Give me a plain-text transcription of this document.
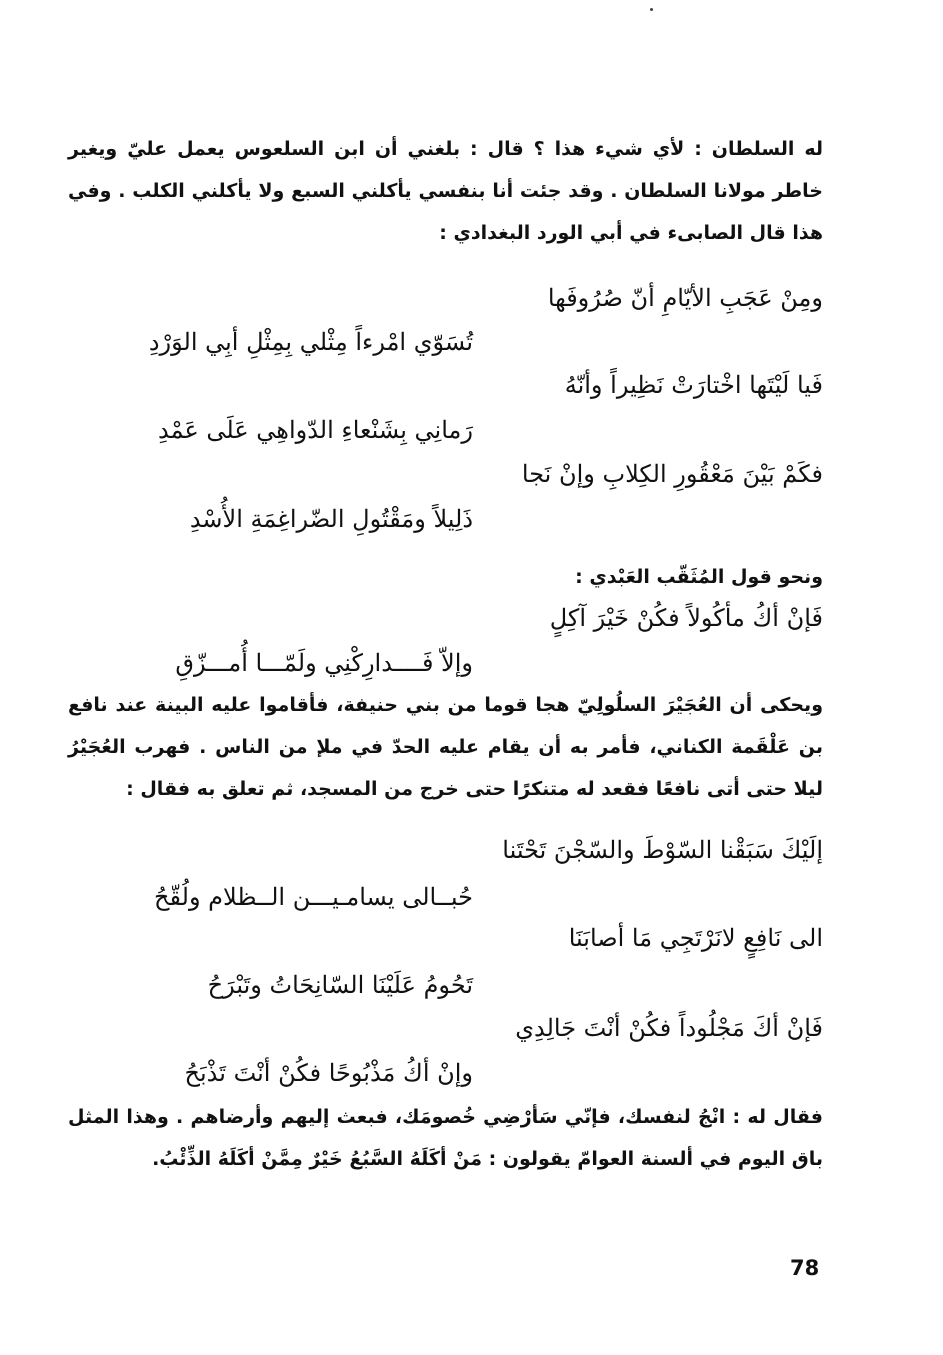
له السلطان : لأي شيء هذا ؟ قال : بلغني أن ابن السلعوس يعمل عليّ ويغير خاطر مولانا السلطان . وقد جئت أنا بنفسي يأكلني السبع ولا يأكلني الكلب . وفي هذا قال الصابىء في أبي الورد البغدادي :
ومِنْ عَجَبِ الأيّامِ أنّ صُرُوفَها
تُسَوّي امْرءاً مِثْلي بِمِثْلِ أبِي الوَرْدِ
فَيا لَيْتَها اخْتارَتْ نَظِيراً وأنّهُ
رَمانِي بِشَنْعاءِ الدّواهِي عَلَى عَمْدِ
فكَمْ بَيْنَ مَعْقُورِ الكِلابِ وإنْ نَجا
ذَلِيلاً ومَقْتُولِ الضّراغِمَةِ الأُسْدِ
ونحو قول المُثَقّب العَبْدي :
فَإنْ أكُ مأكُولاً فكُنْ خَيْرَ آكِلٍ
وإلاّ فَــــدارِكْنِي ولَمّـــا أُمـــزّقِ
ويحكى أن العُجَيْرَ السلُولِيّ هجا قوما من بني حنيفة، فأقاموا عليه البينة عند نافع بن عَلْقَمة الكناني، فأمر به أن يقام عليه الحدّ في ملإ من الناس . فهرب العُجَيْرُ ليلا حتى أتى نافعًا فقعد له متنكرًا حتى خرج من المسجد، ثم تعلق به فقال :
إلَيْكَ سَبَقْنا السّوْطَ والسّجْنَ تَحْتَنا
حُبــالى يسامـيـــن الــظلام ولُقّحُ
الى نَافِعٍ لانَرْتَجِي مَا أصابَنَا
تَحُومُ عَلَيْنَا السّانِحَاتُ وتَبْرَحُ
فَإنْ أكَ مَجْلُوداً فكُنْ أنْتَ جَالِدِي
وإنْ أكُ مَذْبُوحًا فكُنْ أنْتَ تَذْبَحُ
فقال له : انْجُ لنفسك، فإنّي سَأرْضِي خُصومَك، فبعث إليهم وأرضاهم . وهذا المثل باق اليوم في ألسنة العوامّ يقولون : مَنْ أكَلَهُ السَّبُعُ خَيْرٌ مِمَّنْ أكَلَهُ الذِّئْبُ.
78
